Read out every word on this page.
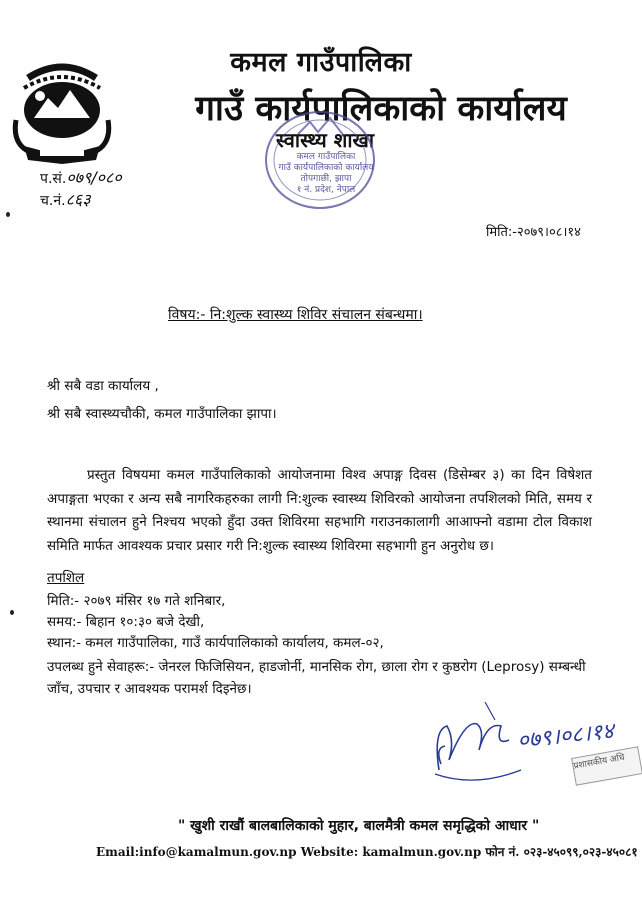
कमल गाउँपालिका
गाउँ कार्यपालिकाको कार्यालय
स्वास्थ्य शाखा
कमल गाउँपालिका
गाउँ कार्यपालिकाको कार्यालय
तोपगाछी, झापा
१ नं. प्रदेश, नेपाल
प.सं.०७९/०८०
च.नं.८६३
मिति:-२०७९।०८।१४
विषय:- नि:शुल्क स्वास्थ्य शिविर संचालन संबन्धमा।
श्री सबै वडा कार्यालय ,
श्री सबै स्वास्थ्यचौकी, कमल गाउँपालिका झापा।
प्रस्तुत विषयमा कमल गाउँपालिकाको आयोजनामा विश्व अपाङ्ग दिवस (डिसेम्बर ३) का दिन विषेशत अपाङ्गता भएका र अन्य सबै नागरिकहरुका लागी नि:शुल्क स्वास्थ्य शिविरको आयोजना तपशिलको मिति, समय र स्थानमा संचालन हुने निश्चय भएको हुँदा उक्त शिविरमा सहभागि गराउनकालागी आआफ्नो वडामा टोल विकाश समिति मार्फत आवश्यक प्रचार प्रसार गरी नि:शुल्क स्वास्थ्य शिविरमा सहभागी हुन अनुरोध छ।
तपशिल
मिति:- २०७९ मंसिर १७ गते शनिबार,
समय:- बिहान १०:३० बजे देखी,
स्थान:- कमल गाउँपालिका, गाउँ कार्यपालिकाको कार्यालय, कमल-०२,
उपलब्ध हुने सेवाहरू:- जेनरल फिजिसियन, हाडजोर्नी, मानसिक रोग, छाला रोग र कुष्ठरोग (Leprosy) सम्बन्धी जाँच, उपचार र आवश्यक परामर्श दिइनेछ।
०७९।०८।१४
प्रशासकीय अधि
" खुशी राखौं बालबालिकाको मुहार, बालमैत्री कमल समृद्धिको आधार "
Email:info@kamalmun.gov.np Website: kamalmun.gov.np फोन नं. ०२३-४५०९९,०२३-४५०८१
